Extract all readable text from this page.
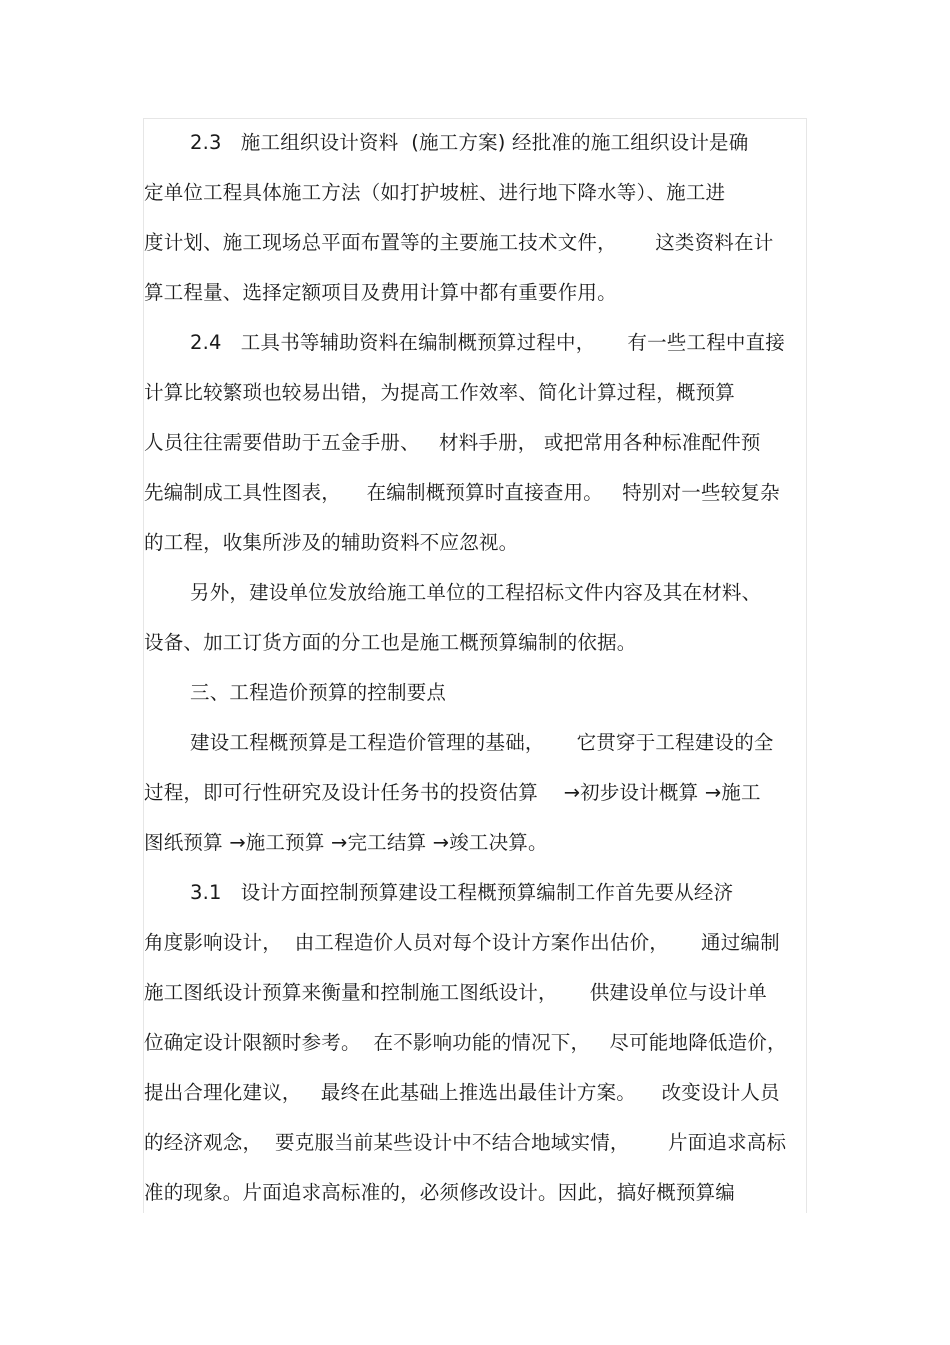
2.3   施工组织设计资料  (施工方案) 经批准的施工组织设计是确
定单位工程具体施工方法（如打护坡桩、进行地下降水等）、施工进
度计划、施工现场总平面布置等的主要施工技术文件，      这类资料在计
算工程量、选择定额项目及费用计算中都有重要作用。
2.4   工具书等辅助资料在编制概预算过程中，     有一些工程中直接
计算比较繁琐也较易出错，为提高工作效率、简化计算过程，概预算
人员往往需要借助于五金手册、   材料手册， 或把常用各种标准配件预
先编制成工具性图表，    在编制概预算时直接查用。   特别对一些较复杂
的工程，收集所涉及的辅助资料不应忽视。
另外，建设单位发放给施工单位的工程招标文件内容及其在材料、
设备、加工订货方面的分工也是施工概预算编制的依据。
三、工程造价预算的控制要点
建设工程概预算是工程造价管理的基础，     它贯穿于工程建设的全
过程，即可行性研究及设计任务书的投资估算    →初步设计概算 →施工
图纸预算 →施工预算 →完工结算 →竣工决算。
3.1   设计方面控制预算建设工程概预算编制工作首先要从经济
角度影响设计，  由工程造价人员对每个设计方案作出估价，     通过编制
施工图纸设计预算来衡量和控制施工图纸设计，     供建设单位与设计单
位确定设计限额时参考。  在不影响功能的情况下，   尽可能地降低造价，
提出合理化建议，   最终在此基础上推选出最佳计方案。    改变设计人员
的经济观念，  要克服当前某些设计中不结合地域实情，      片面追求高标
准的现象。片面追求高标准的，必须修改设计。因此，搞好概预算编
